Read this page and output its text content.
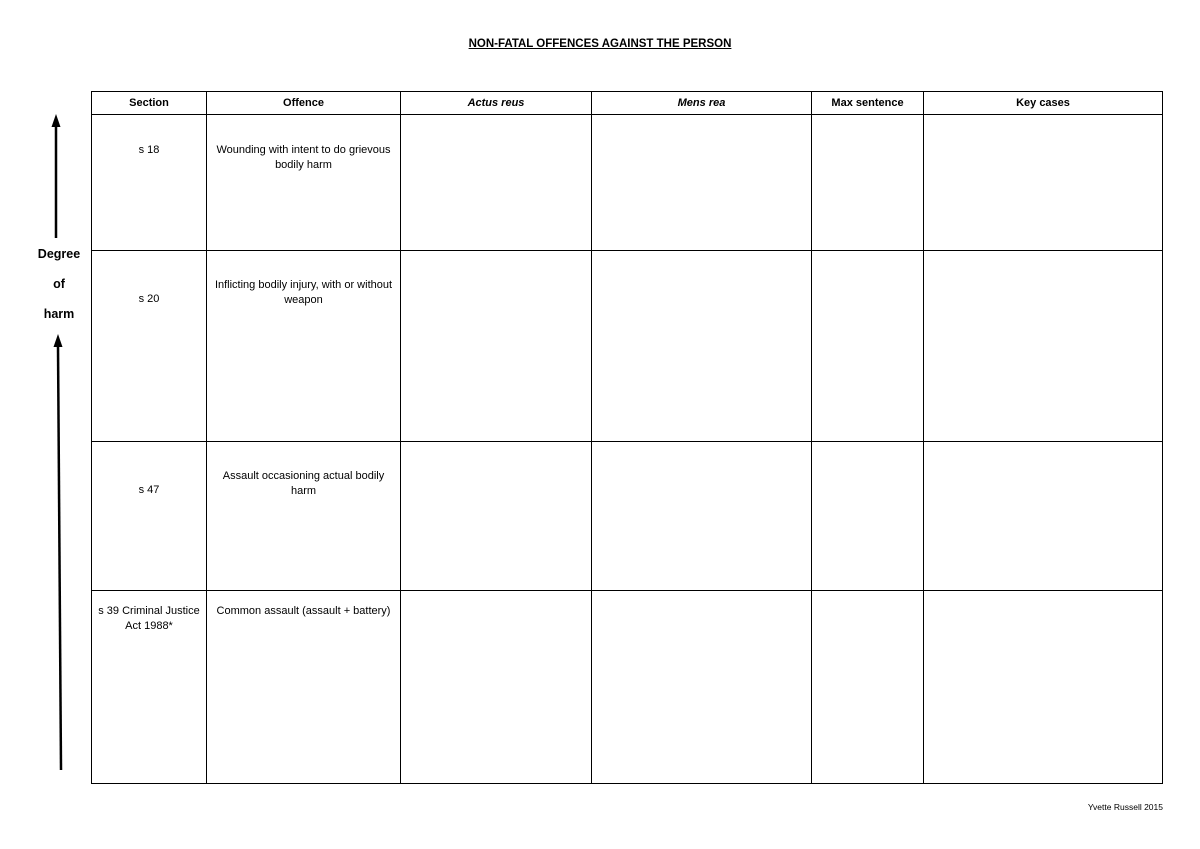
NON-FATAL OFFENCES AGAINST THE PERSON
Degree
of
harm
Section	Offence	Actus reus	Mens rea	Max sentence	Key cases

s 18	Wounding with intent to do grievous bodily harm				

s 20	Inflicting bodily injury, with or without weapon				

s 47	Assault occasioning actual bodily harm				

s 39 Criminal Justice Act 1988*	Common assault (assault + battery)				

Yvette Russell 2015
